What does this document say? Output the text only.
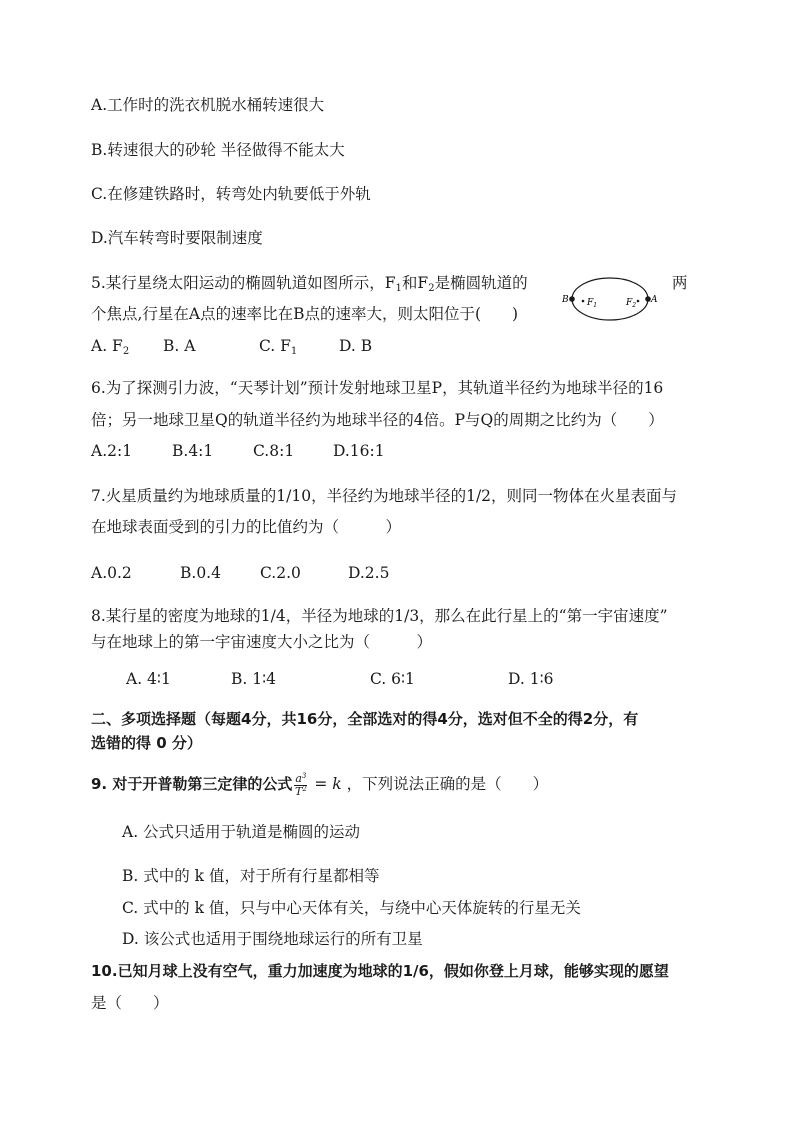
A.工作时的洗衣机脱水桶转速很大
B.转速很大的砂轮 半径做得不能太大
C.在修建铁路时，转弯处内轨要低于外轨
D.汽车转弯时要限制速度
5.某行星绕太阳运动的椭圆轨道如图所示，$F_1$和$F_2$是椭圆轨道的	两
个焦点,行星在A点的速率比在B点的速率大，则太阳位于(　　)
B	A
$F_1$	$F_2$
A. $F_2$ B. A	C. $F_1$	D. B
6.为了探测引力波，“天琴计划”预计发射地球卫星P，其轨道半径约为地球半径的16
倍；另一地球卫星Q的轨道半径约为地球半径的4倍。P与Q的周期之比约为（　　）
A.2:1	B.4:1	C.8:1	D.16:1
7.火星质量约为地球质量的1/10，半径约为地球半径的1/2，则同一物体在火星表面与
在地球表面受到的引力的比值约为（　　　）
A.0.2	B.0.4	C.2.0	D.2.5
8.某行星的密度为地球的1/4，半径为地球的1/3，那么在此行星上的“第一宇宙速度”
与在地球上的第一宇宙速度大小之比为（　　　）
A. 4∶1	B. 1∶4	C. 6∶1	D. 1∶6
二、多项选择题（每题4分，共16分，全部选对的得4分，选对但不全的得2分，有
选错的得 0 分）
9. 对于开普勒第三定律的公式 $\frac{a^3}{T^2} = k$ ，下列说法正确的是（　　）
A. 公式只适用于轨道是椭圆的运动
B. 式中的 k 值，对于所有行星都相等
C. 式中的 k 值，只与中心天体有关，与绕中心天体旋转的行星无关
D. 该公式也适用于围绕地球运行的所有卫星
10.已知月球上没有空气，重力加速度为地球的1/6，假如你登上月球，能够实现的愿望
是（　　）
